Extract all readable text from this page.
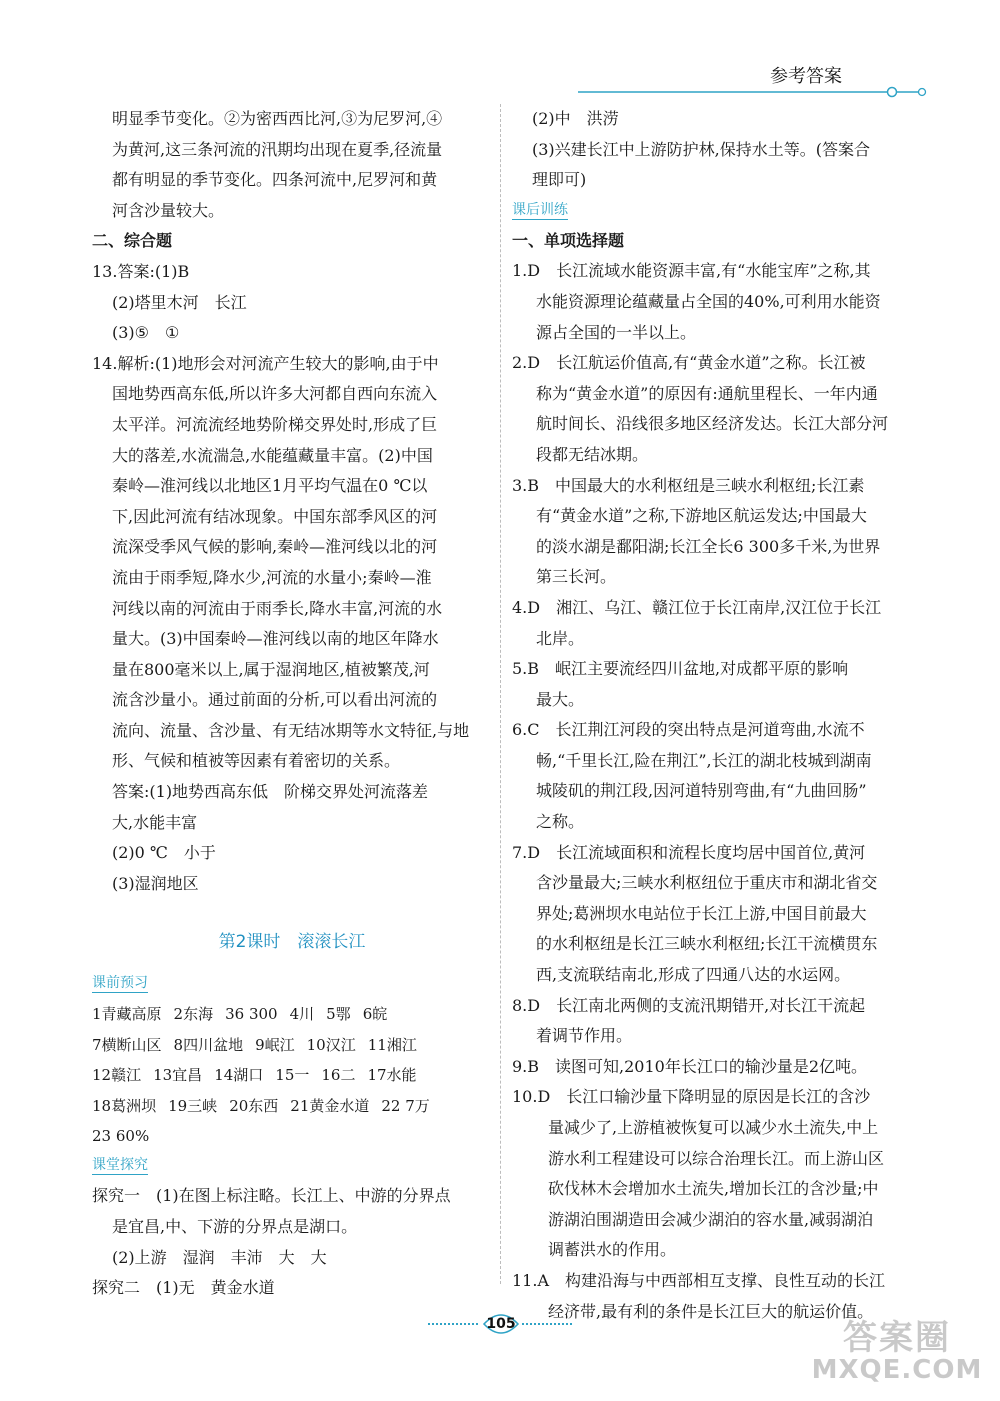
参考答案
明显季节变化。②为密西西比河,③为尼罗河,④
为黄河,这三条河流的汛期均出现在夏季,径流量
都有明显的季节变化。四条河流中,尼罗河和黄
河含沙量较大。
二、综合题
13.答案:(1)B
(2)塔里木河　长江
(3)⑤　①
14.解析:(1)地形会对河流产生较大的影响,由于中
国地势西高东低,所以许多大河都自西向东流入
太平洋。河流流经地势阶梯交界处时,形成了巨
大的落差,水流湍急,水能蕴藏量丰富。(2)中国
秦岭—淮河线以北地区1月平均气温在0 ℃以
下,因此河流有结冰现象。中国东部季风区的河
流深受季风气候的影响,秦岭—淮河线以北的河
流由于雨季短,降水少,河流的水量小;秦岭—淮
河线以南的河流由于雨季长,降水丰富,河流的水
量大。(3)中国秦岭—淮河线以南的地区年降水
量在800毫米以上,属于湿润地区,植被繁茂,河
流含沙量小。通过前面的分析,可以看出河流的
流向、流量、含沙量、有无结冰期等水文特征,与地
形、气候和植被等因素有着密切的关系。
答案:(1)地势西高东低　阶梯交界处河流落差
大,水能丰富
(2)0 ℃　小于
(3)湿润地区
第2课时　滚滚长江
课前预习
1青藏高原 2东海 36 300 4川 5鄂 6皖
7横断山区 8四川盆地 9岷江 10汉江 11湘江
12赣江 13宜昌 14湖口 15一 16二 17水能
18葛洲坝 19三峡 20东西 21黄金水道 22 7万
23 60%
课堂探究
探究一　(1)在图上标注略。长江上、中游的分界点
是宜昌,中、下游的分界点是湖口。
(2)上游　湿润　丰沛　大　大
探究二　(1)无　黄金水道
(2)中　洪涝
(3)兴建长江中上游防护林,保持水土等。(答案合
理即可)
课后训练
一、单项选择题
1.D　长江流域水能资源丰富,有“水能宝库”之称,其
水能资源理论蕴藏量占全国的40%,可利用水能资
源占全国的一半以上。
2.D　长江航运价值高,有“黄金水道”之称。长江被
称为“黄金水道”的原因有:通航里程长、一年内通
航时间长、沿线很多地区经济发达。长江大部分河
段都无结冰期。
3.B　中国最大的水利枢纽是三峡水利枢纽;长江素
有“黄金水道”之称,下游地区航运发达;中国最大
的淡水湖是鄱阳湖;长江全长6 300多千米,为世界
第三长河。
4.D　湘江、乌江、赣江位于长江南岸,汉江位于长江
北岸。
5.B　岷江主要流经四川盆地,对成都平原的影响
最大。
6.C　长江荆江河段的突出特点是河道弯曲,水流不
畅,“千里长江,险在荆江”,长江的湖北枝城到湖南
城陵矶的荆江段,因河道特别弯曲,有“九曲回肠”
之称。
7.D　长江流域面积和流程长度均居中国首位,黄河
含沙量最大;三峡水利枢纽位于重庆市和湖北省交
界处;葛洲坝水电站位于长江上游,中国目前最大
的水利枢纽是长江三峡水利枢纽;长江干流横贯东
西,支流联结南北,形成了四通八达的水运网。
8.D　长江南北两侧的支流汛期错开,对长江干流起
着调节作用。
9.B　读图可知,2010年长江口的输沙量是2亿吨。
10.D　长江口输沙量下降明显的原因是长江的含沙
量减少了,上游植被恢复可以减少水土流失,中上
游水利工程建设可以综合治理长江。而上游山区
砍伐林木会增加水土流失,增加长江的含沙量;中
游湖泊围湖造田会减少湖泊的容水量,减弱湖泊
调蓄洪水的作用。
11.A　构建沿海与中西部相互支撑、良性互动的长江
经济带,最有利的条件是长江巨大的航运价值。
105	答案圈
MXQE.COM
